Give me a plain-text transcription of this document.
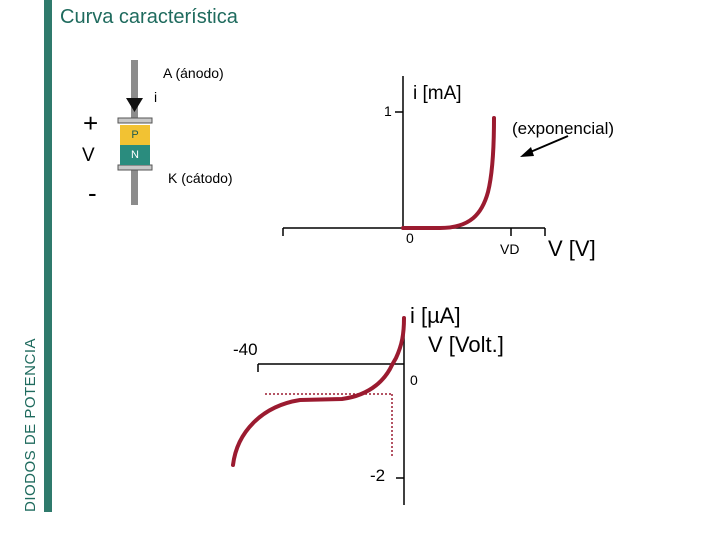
Curva característica
DIODOS DE POTENCIA
P
N
A (ánodo)
i
+
V
-	K (cátodo)
i [mA]
1
(exponencial)
0
VD V [V]
i [µA]
V [Volt.]
-40
0
-2
